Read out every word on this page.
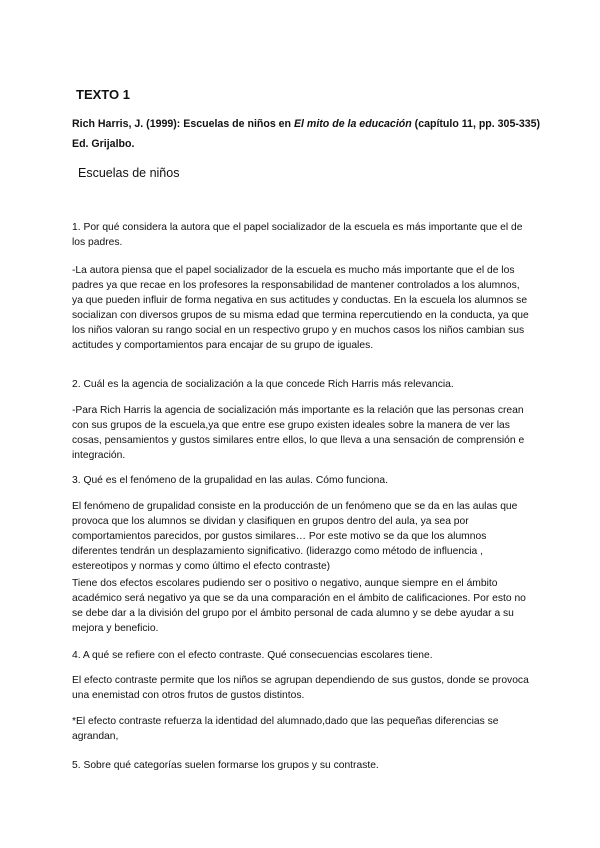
TEXTO 1
Rich Harris, J. (1999): Escuelas de niños en El mito de la educación (capítulo 11, pp. 305-335) Ed. Grijalbo.
Escuelas de niños
1. Por qué considera la autora que el papel socializador de la escuela es más importante que el de los padres.
-La autora piensa que el papel socializador de la escuela es mucho más importante que el de los padres ya que recae en los profesores la responsabilidad de mantener controlados a los alumnos, ya que pueden influir de forma negativa en sus actitudes y conductas. En la escuela los alumnos se socializan con diversos grupos de su misma edad que termina repercutiendo en la conducta, ya que los niños valoran su rango social en un respectivo grupo y en muchos casos los niños cambian sus actitudes y comportamientos para encajar de su grupo de iguales.
2. Cuál es la agencia de socialización a la que concede Rich Harris más relevancia.
-Para Rich Harris la agencia de socialización más importante es la relación que las personas crean con sus grupos de la escuela,ya que entre ese grupo existen ideales sobre la manera de ver las cosas, pensamientos y gustos similares entre ellos, lo que lleva a una sensación de comprensión e integración.
3. Qué es el fenómeno de la grupalidad en las aulas. Cómo funciona.
El fenómeno de grupalidad consiste en la producción de un fenómeno que se da en las aulas que provoca que los alumnos se dividan y clasifiquen en grupos dentro del aula, ya sea por comportamientos parecidos, por gustos similares… Por este motivo se da que los alumnos diferentes tendrán un desplazamiento significativo. (liderazgo como método de influencia , estereotipos y normas y como último el efecto contraste)
Tiene dos efectos escolares pudiendo ser o positivo o negativo, aunque siempre en el ámbito académico será negativo ya que se da una comparación en el ámbito de calificaciones. Por esto no se debe dar a la división del grupo por el ámbito personal de cada alumno y se debe ayudar a su mejora y beneficio.
4. A qué se refiere con el efecto contraste. Qué consecuencias escolares tiene.
El efecto contraste permite que los niños se agrupan dependiendo de sus gustos, donde se provoca una enemistad con otros frutos de gustos distintos.
*El efecto contraste refuerza la identidad del alumnado,dado que las pequeñas diferencias se agrandan,
5. Sobre qué categorías suelen formarse los grupos y su contraste.
